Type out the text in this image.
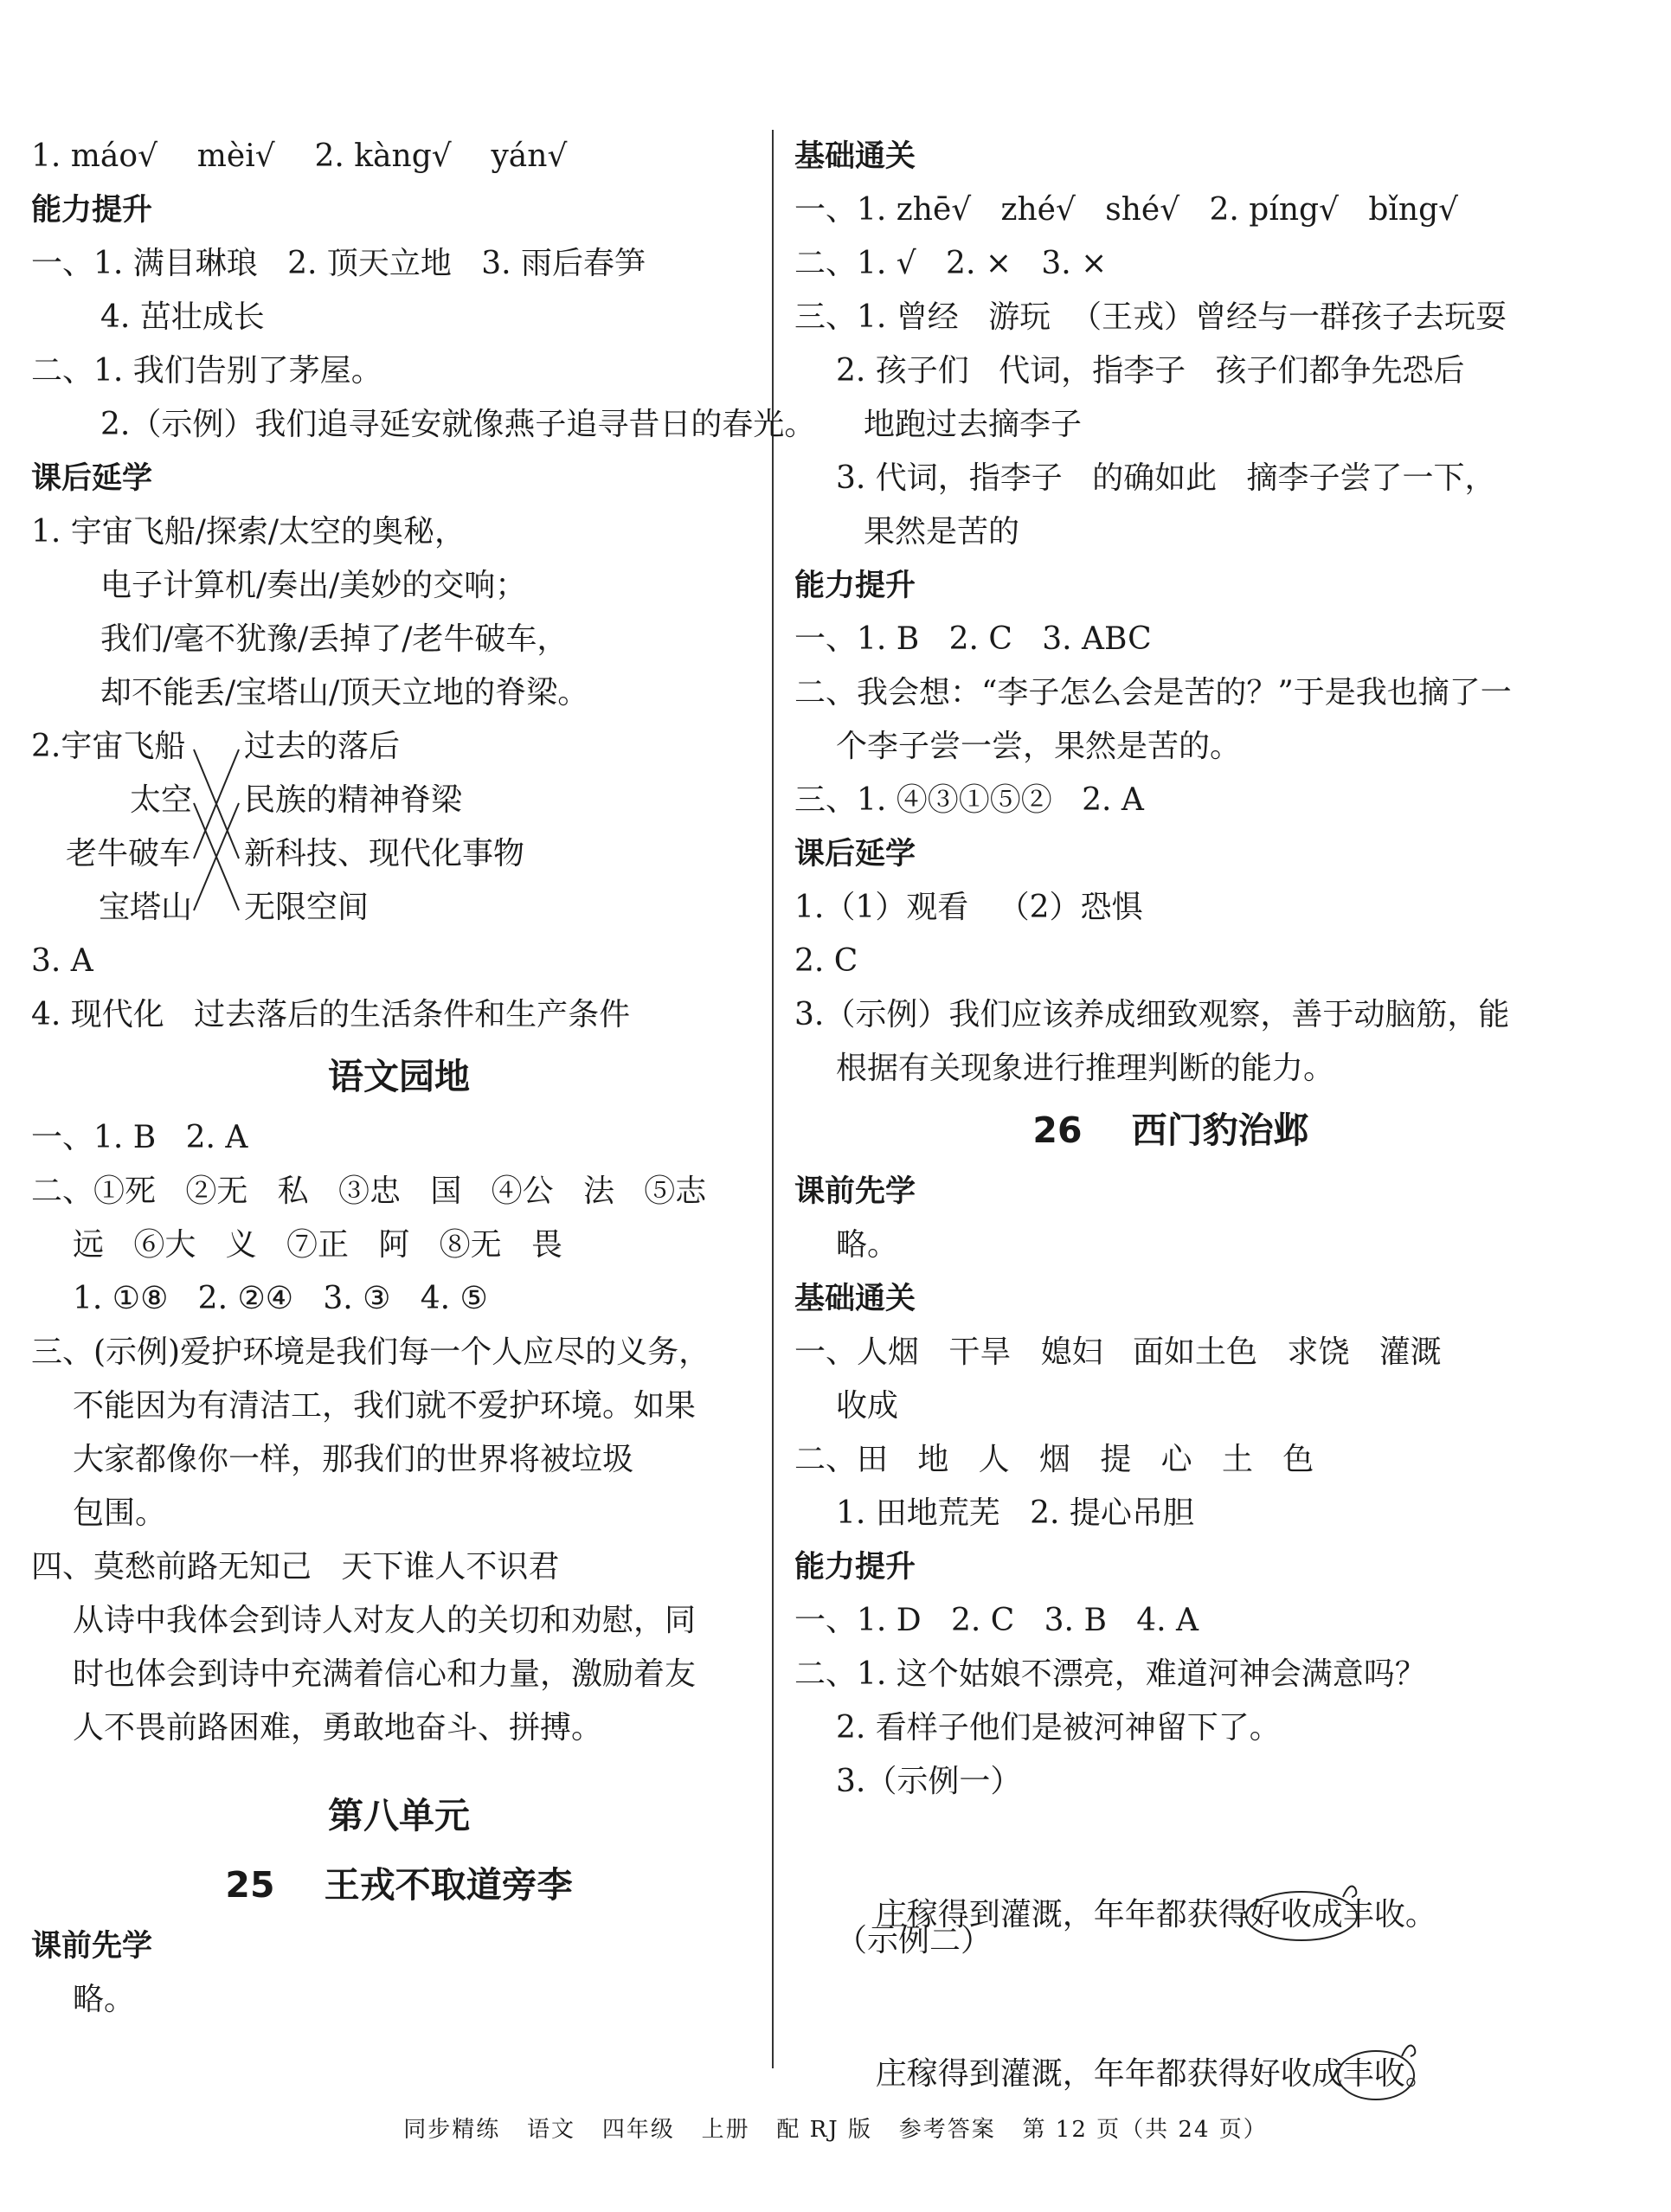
1. máo√    mèi√    2. kàng√    yán√
能力提升
一、1. 满目琳琅   2. 顶天立地   3. 雨后春笋
4. 茁壮成长
二、1. 我们告别了茅屋。
2.（示例）我们追寻延安就像燕子追寻昔日的春光。
课后延学
1. 宇宙飞船/探索/太空的奥秘，
电子计算机/奏出/美妙的交响；
我们/毫不犹豫/丢掉了/老牛破车，
却不能丢/宝塔山/顶天立地的脊梁。
2.宇宙飞船
太空
老牛破车
宝塔山
过去的落后
民族的精神脊梁
新科技、现代化事物
无限空间
3. A
4. 现代化   过去落后的生活条件和生产条件
语文园地
一、1. B   2. A
二、①死   ②无   私   ③忠   国   ④公   法   ⑤志
远   ⑥大   义   ⑦正   阿   ⑧无   畏
1. ①⑧   2. ②④   3. ③   4. ⑤
三、(示例)爱护环境是我们每一个人应尽的义务，
不能因为有清洁工，我们就不爱护环境。如果
大家都像你一样，那我们的世界将被垃圾
包围。
四、莫愁前路无知己   天下谁人不识君
从诗中我体会到诗人对友人的关切和劝慰，同
时也体会到诗中充满着信心和力量，激励着友
人不畏前路困难，勇敢地奋斗、拼搏。
第八单元
25    王戎不取道旁李
课前先学
略。
基础通关
一、1. zhē√   zhé√   shé√   2. píng√   bǐng√
二、1. √   2. ×   3. ×
三、1. 曾经   游玩  （王戎）曾经与一群孩子去玩耍
2. 孩子们   代词，指李子   孩子们都争先恐后
地跑过去摘李子
3. 代词，指李子   的确如此   摘李子尝了一下，
果然是苦的
能力提升
一、1. B   2. C   3. ABC
二、我会想：“李子怎么会是苦的？”于是我也摘了一
个李子尝一尝，果然是苦的。
三、1. ④③①⑤②   2. A
课后延学
1.（1）观看   （2）恐惧
2. C
3.（示例）我们应该养成细致观察，善于动脑筋，能
根据有关现象进行推理判断的能力。
26    西门豹治邺
课前先学
略。
基础通关
一、人烟   干旱   媳妇   面如土色   求饶   灌溉
收成
二、田   地   人   烟   提   心   土   色
1. 田地荒芜   2. 提心吊胆
能力提升
一、1. D   2. C   3. B   4. A
二、1. 这个姑娘不漂亮，难道河神会满意吗？
2. 看样子他们是被河神留下了。
3.（示例一）

庄稼得到灌溉，年年都获得好收成
丰收。

（示例二）

庄稼得到灌溉，年年都获得好收成丰收
。

同步精练   语文   四年级   上册   配 RJ 版   参考答案   第 12 页（共 24 页）
